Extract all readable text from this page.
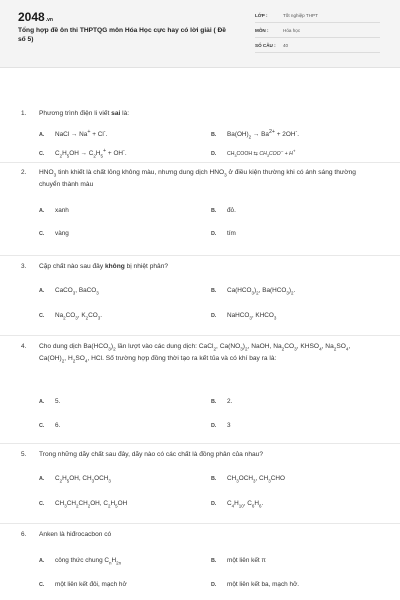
2048.vn
Tổng hợp đề ôn thi THPTQG môn Hóa Học cực hay có lời giải ( Đề số 5)
LỚP :	Tốt nghiệp THPT
MÔN :	Hóa học
SỐ CÂU : 40
1. Phương trình điện li viết sai là:
A. NaCl → Na+ + Cl-.	B. $Ba(OH)_2 \to Ba^{2+} + 2OH^-$.
C. $C_2H_5OH \to C_2H_5^+ + OH^-$.	D. $CH_3COOH$ ⇆ $CH_3COO^- + H^+$
2. $HNO_3$ tinh khiết là chất lỏng không màu, nhưng dung dịch $HNO_3$ ở điều kiện thường khi có ánh sáng thường chuyển thành màu
A. xanh	B. đỏ.
C. vàng	D. tím
3. Cặp chất nào sau đây không bị nhiệt phân?
A. CaCO$_3$, BaCO$_3$	B. $Ca(HCO_3)_2$, $Ba(HCO_3)_2$.
C. $Na_2CO_3$, $K_2CO_3$.	D. NaHCO$_3$, $KHCO_3$
4. Cho dung dịch $Ba(HCO_3)_2$ lần lượt vào các dung dịch: CaCl$_2$, $Ca(NO_3)_2$, NaOH, $Na_2CO_3$, $KHSO_4$, $Na_2SO_4$, $Ca(OH)_2$, $H_2SO_4$, HCl. Số trường hợp đồng thời tạo ra kết tủa và có khí bay ra là:
A. 5.	B. 2.
C. 6.	D. 3
5. Trong những dãy chất sau đây, dãy nào có các chất là đồng phân của nhau?
A. $C_2H_5OH$, $CH_3OCH_3$	B. $CH_3OCH_3$, $CH_3CHO$
C. $CH_3CH_2CH_2OH$, $C_2H_5OH$	D. $C_4H_{10}$, $C_6H_6$.
6. Anken là hiđrocacbon có
A. công thức chung $C_nH_{2n}$	B. một liên kết π
C. một liên kết đôi, mạch hở	D. một liên kết ba, mạch hở.
